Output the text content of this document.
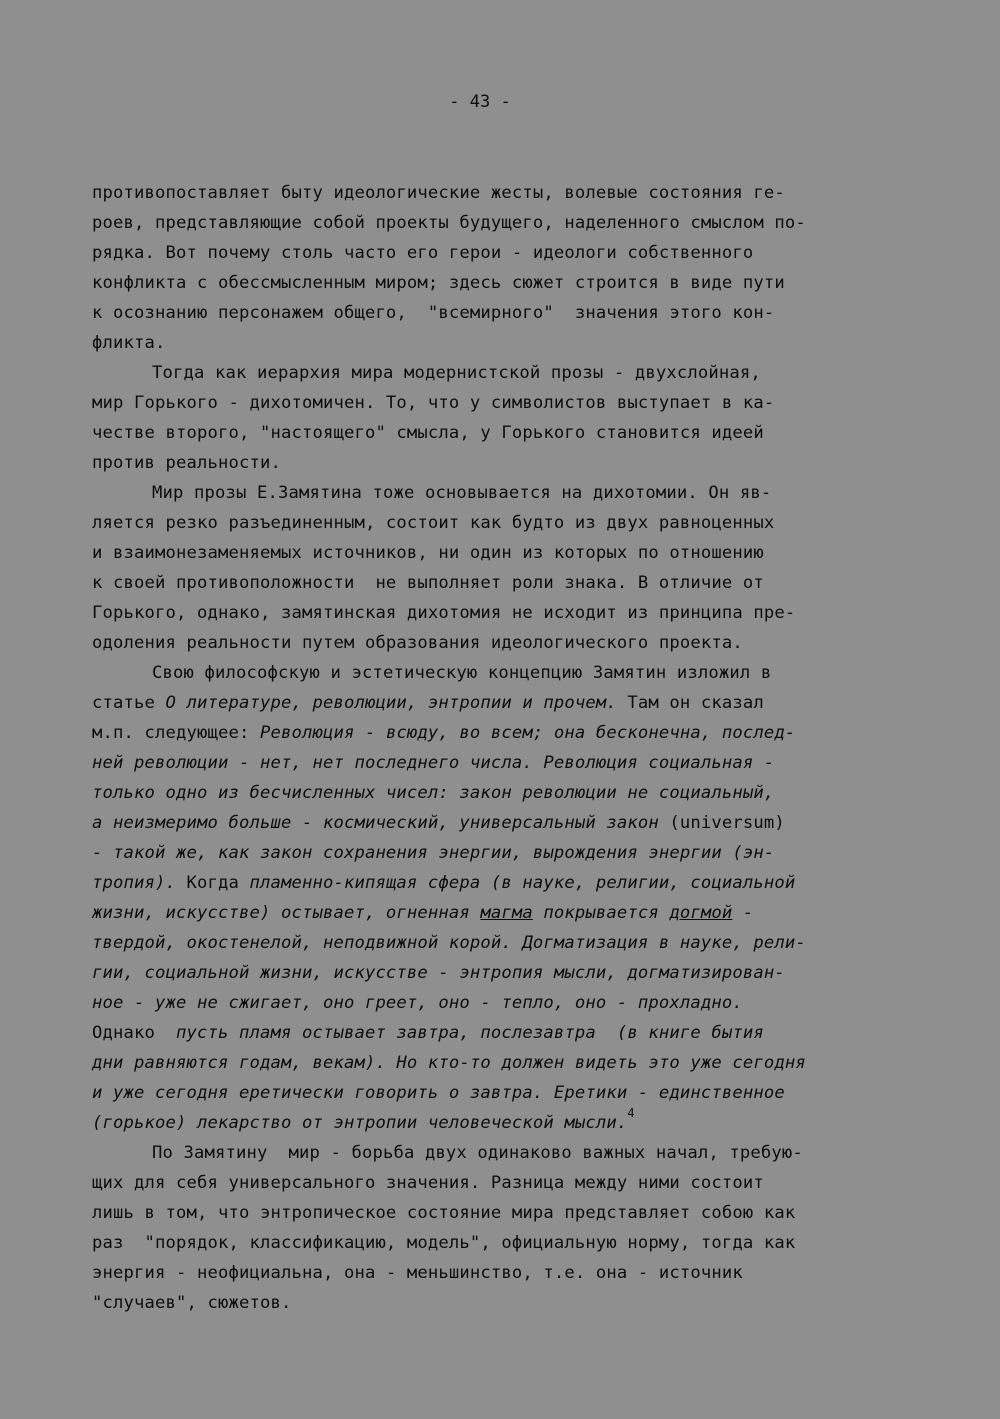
- 43 -
противопоставляет быту идеологические жесты, волевые состояния ге-
роев, представляющие собой проекты будущего, наделенного смыслом по-
рядка. Вот почему столь часто его герои - идеологи собственного
конфликта с обессмысленным миром; здесь сюжет строится в виде пути
к осознанию персонажем общего,  "всемирного"  значения этого кон-
фликта.
Тогда как иерархия мира модернистской прозы - двухслойная,
мир Горького - дихотомичен. То, что у символистов выступает в ка-
честве второго, "настоящего" смысла, у Горького становится идеей
против реальности.
Мир прозы Е.Замятина тоже основывается на дихотомии. Он яв-
ляется резко разъединенным, состоит как будто из двух равноценных
и взаимонезаменяемых источников, ни один из которых по отношению
к своей противоположности  не выполняет роли знака. В отличие от
Горького, однако, замятинская дихотомия не исходит из принципа пре-
одоления реальности путем образования идеологического проекта.
Свою философскую и эстетическую концепцию Замятин изложил в
статье О литературе, революции, энтропии и прочем. Там он сказал
м.п. следующее: Революция - всюду, во всем; она бесконечна, послед-
ней революции - нет, нет последнего числа. Революция социальная -
только одно из бесчисленных чисел: закон революции не социальный,
а неизмеримо больше - космический, универсальный закон (universum)
- такой же, как закон сохранения энергии, вырождения энергии (эн-
тропия). Когда пламенно-кипящая сфера (в науке, религии, социальной
жизни, искусстве) остывает, огненная магма покрывается догмой -
твердой, окостенелой, неподвижной корой. Догматизация в науке, рели-
гии, социальной жизни, искусстве - энтропия мысли, догматизирован-
ное - уже не сжигает, оно греет, оно - тепло, оно - прохладно.
Однако  пусть пламя остывает завтра, послезавтра  (в книге бытия
дни равняются годам, векам). Но кто-то должен видеть это уже сегодня
и уже сегодня еретически говорить о завтра. Еретики - единственное
(горькое) лекарство от энтропии человеческой мысли.$^4$
По Замятину  мир - борьба двух одинаково важных начал, требую-
щих для себя универсального значения. Разница между ними состоит
лишь в том, что энтропическое состояние мира представляет собою как
раз  "порядок, классификацию, модель", официальную норму, тогда как
энергия - неофициальна, она - меньшинство, т.е. она - источник
"случаев", сюжетов.
